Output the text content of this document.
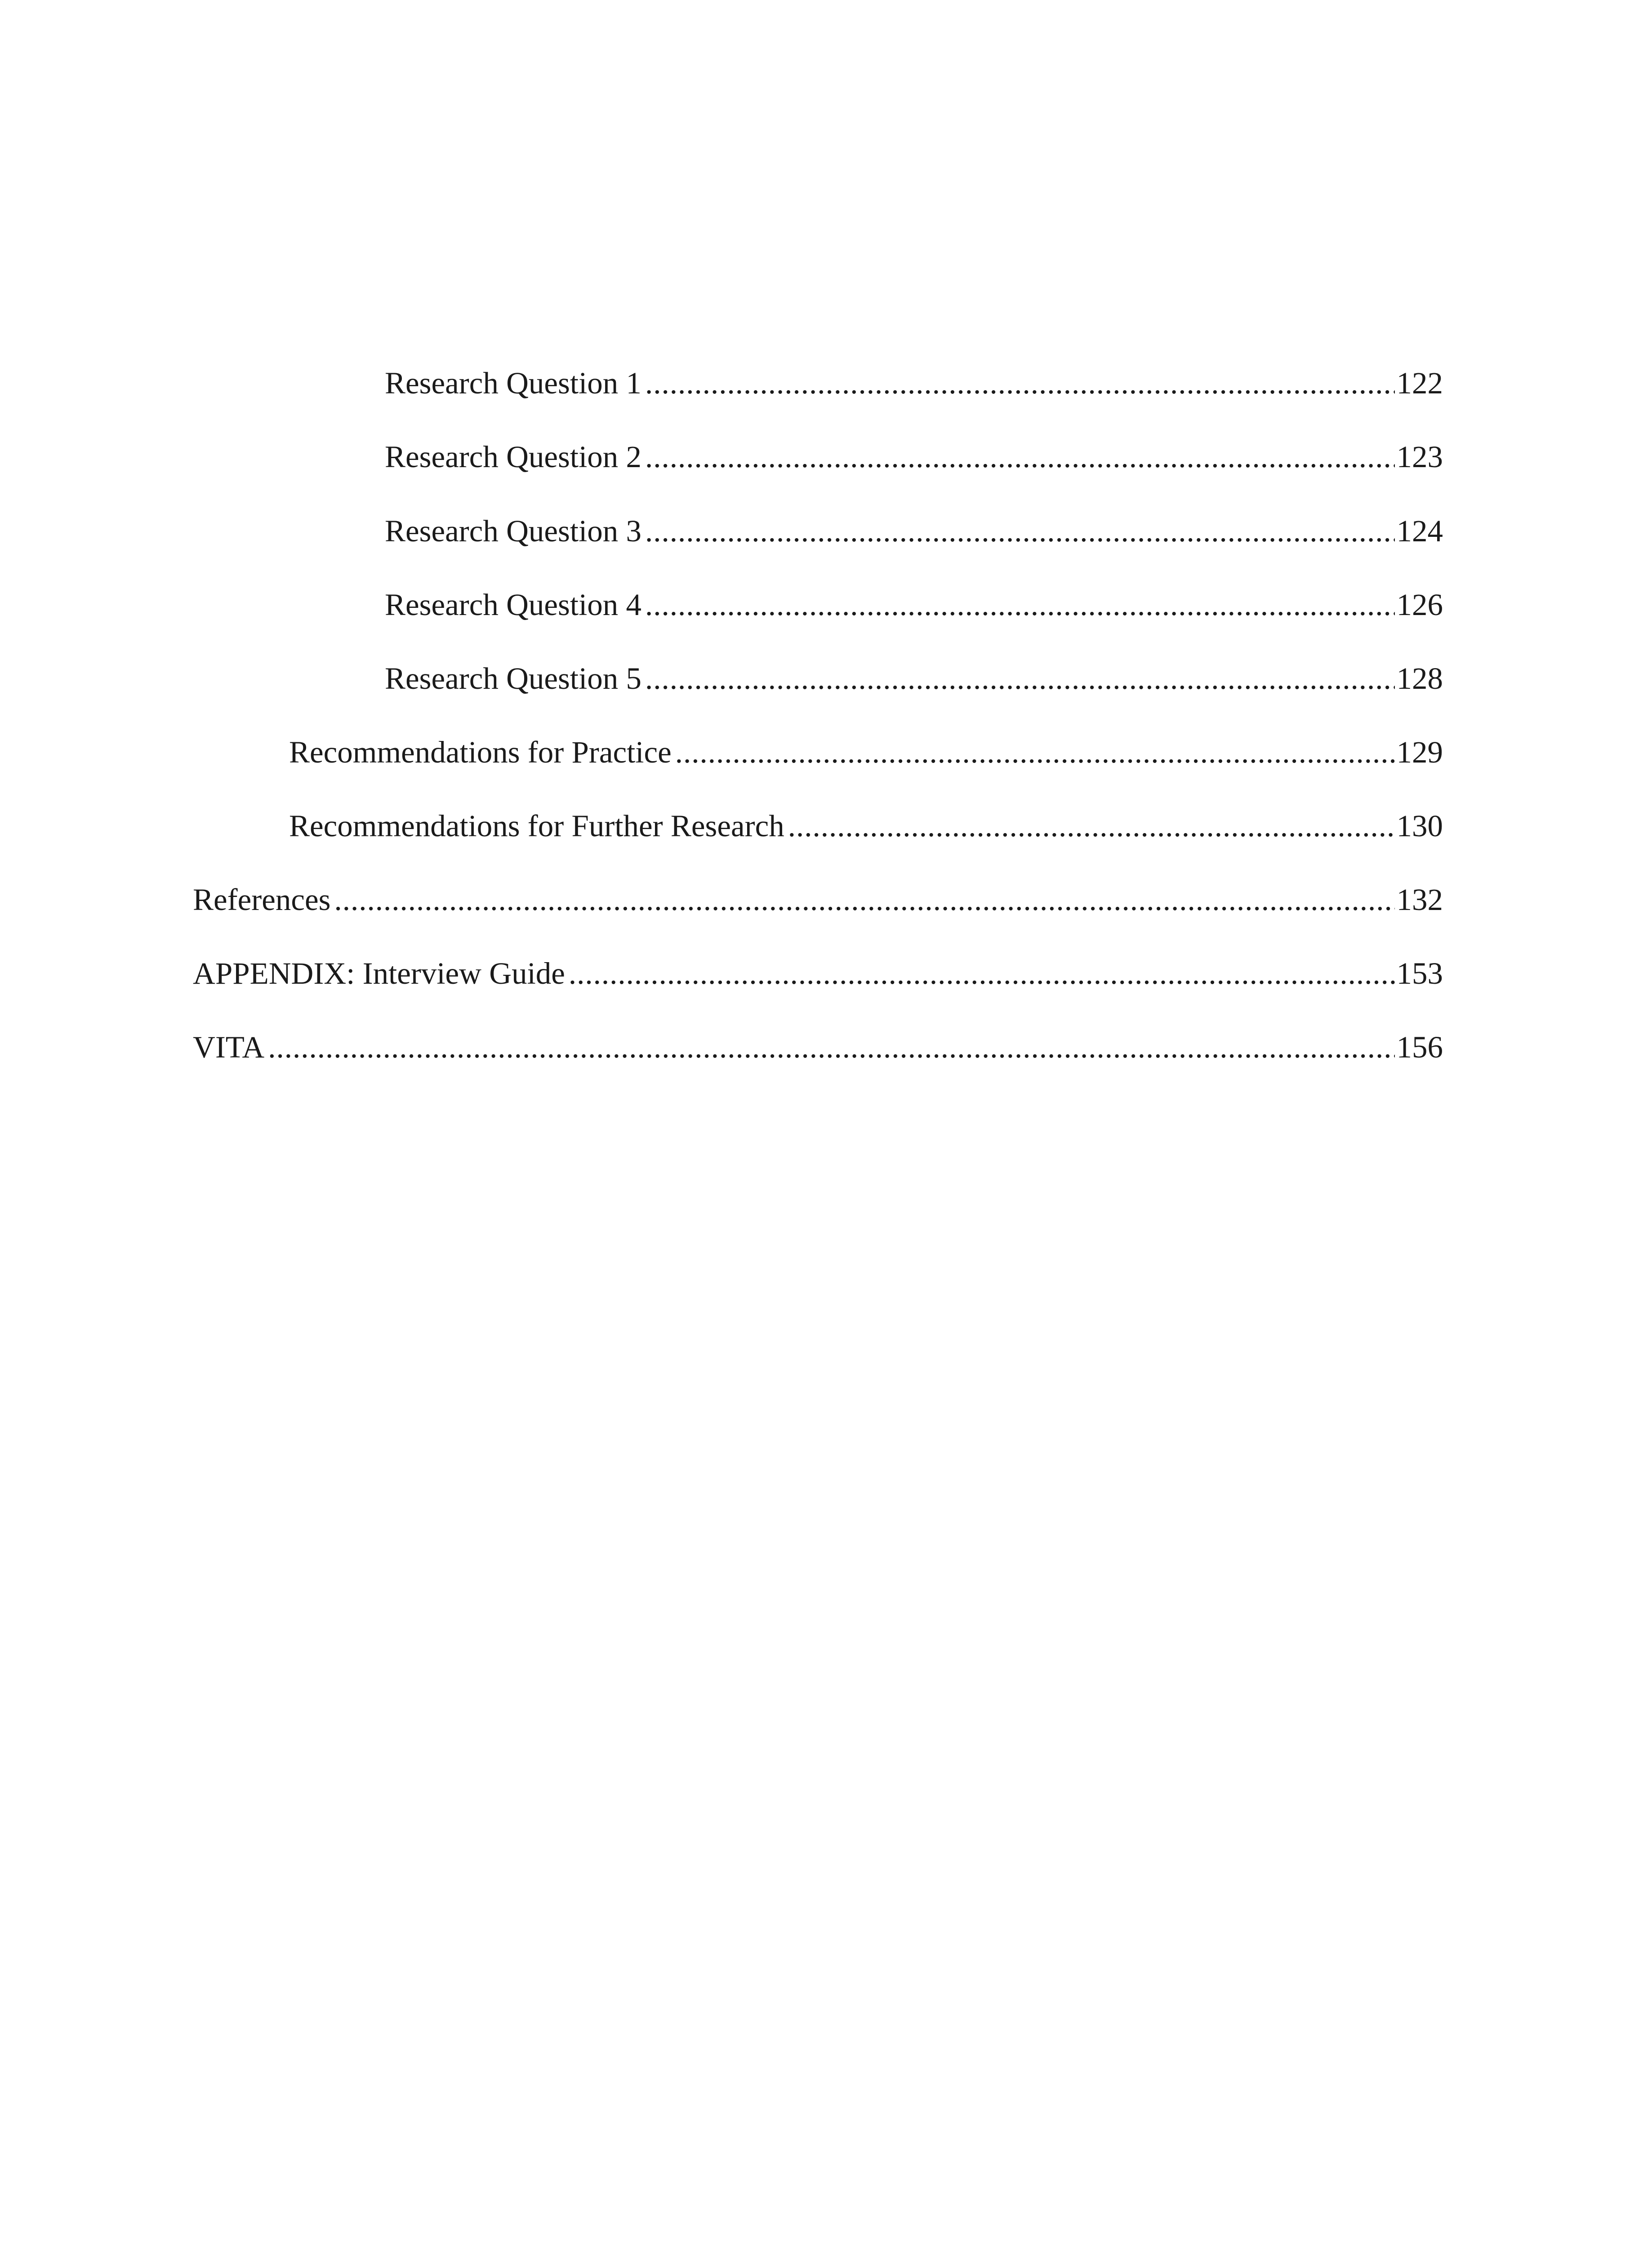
Research Question 1 .....	122
Research Question 2 .....	123
Research Question 3 .....	124
Research Question 4 .....	126
Research Question 5 .....	128
Recommendations for Practice .....	129
Recommendations for Further Research .....	130
References .....	132
APPENDIX: Interview Guide .....	153
VITA .....	156
